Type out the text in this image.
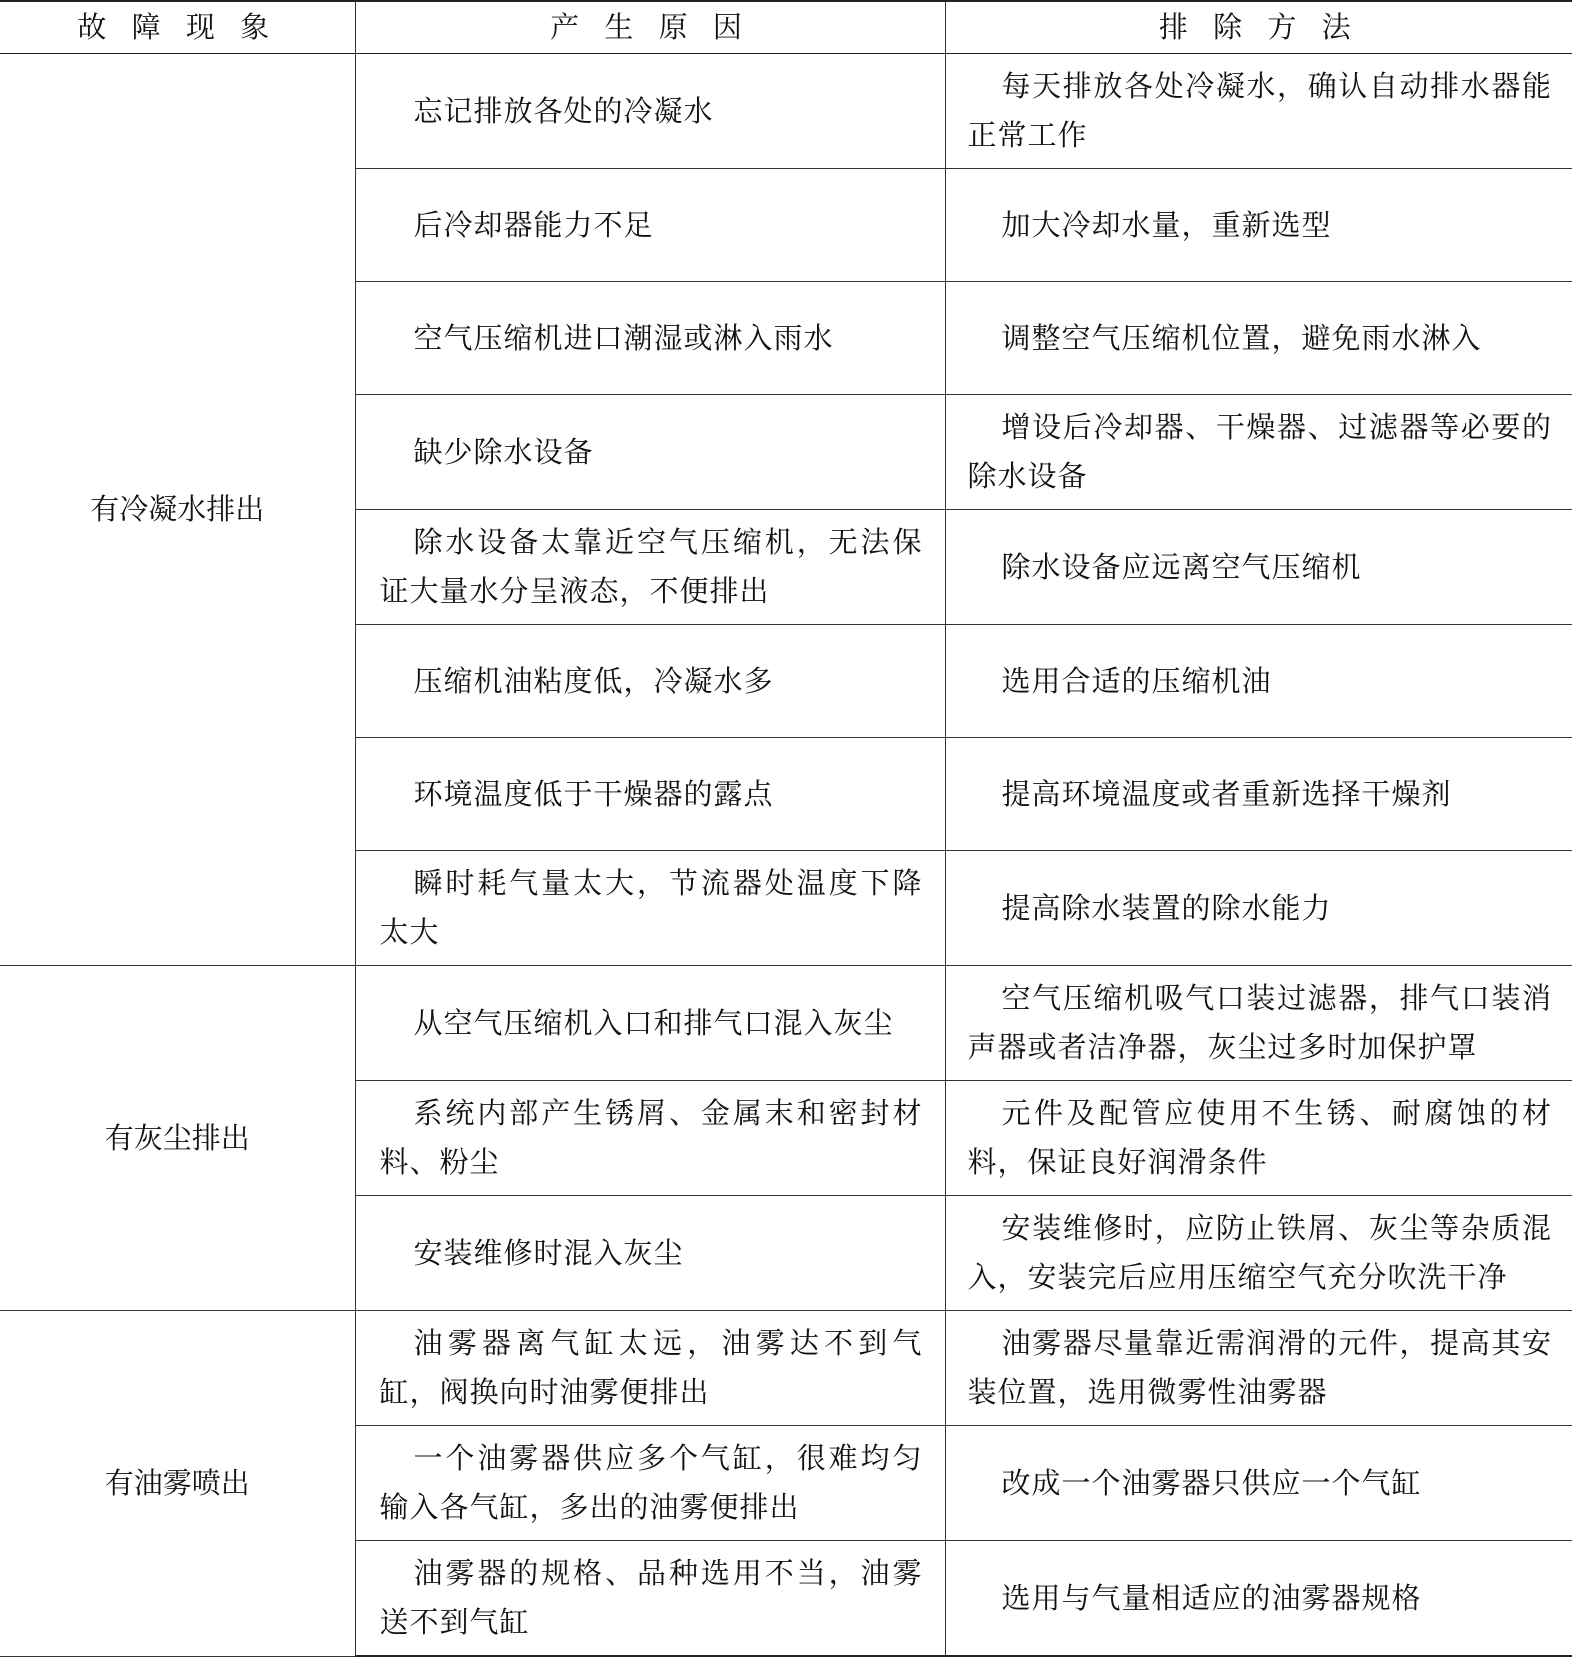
故 障 现 象	产 生 原 因	排 除 方 法
有冷凝水排出	忘记排放各处的冷凝水	每天排放各处冷凝水，确认自动排水器能正常工作
	后冷却器能力不足	加大冷却水量，重新选型
	空气压缩机进口潮湿或淋入雨水	调整空气压缩机位置，避免雨水淋入
	缺少除水设备	增设后冷却器、干燥器、过滤器等必要的除水设备
	除水设备太靠近空气压缩机，无法保证大量水分呈液态，不便排出	除水设备应远离空气压缩机
	压缩机油粘度低，冷凝水多	选用合适的压缩机油
	环境温度低于干燥器的露点	提高环境温度或者重新选择干燥剂
	瞬时耗气量太大，节流器处温度下降太大	提高除水装置的除水能力
有灰尘排出	从空气压缩机入口和排气口混入灰尘	空气压缩机吸气口装过滤器，排气口装消声器或者洁净器，灰尘过多时加保护罩
	系统内部产生锈屑、金属末和密封材料、粉尘	元件及配管应使用不生锈、耐腐蚀的材料，保证良好润滑条件
	安装维修时混入灰尘	安装维修时，应防止铁屑、灰尘等杂质混入，安装完后应用压缩空气充分吹洗干净
有油雾喷出	油雾器离气缸太远，油雾达不到气缸，阀换向时油雾便排出	油雾器尽量靠近需润滑的元件，提高其安装位置，选用微雾性油雾器
	一个油雾器供应多个气缸，很难均匀输入各气缸，多出的油雾便排出	改成一个油雾器只供应一个气缸
	油雾器的规格、品种选用不当，油雾送不到气缸	选用与气量相适应的油雾器规格
